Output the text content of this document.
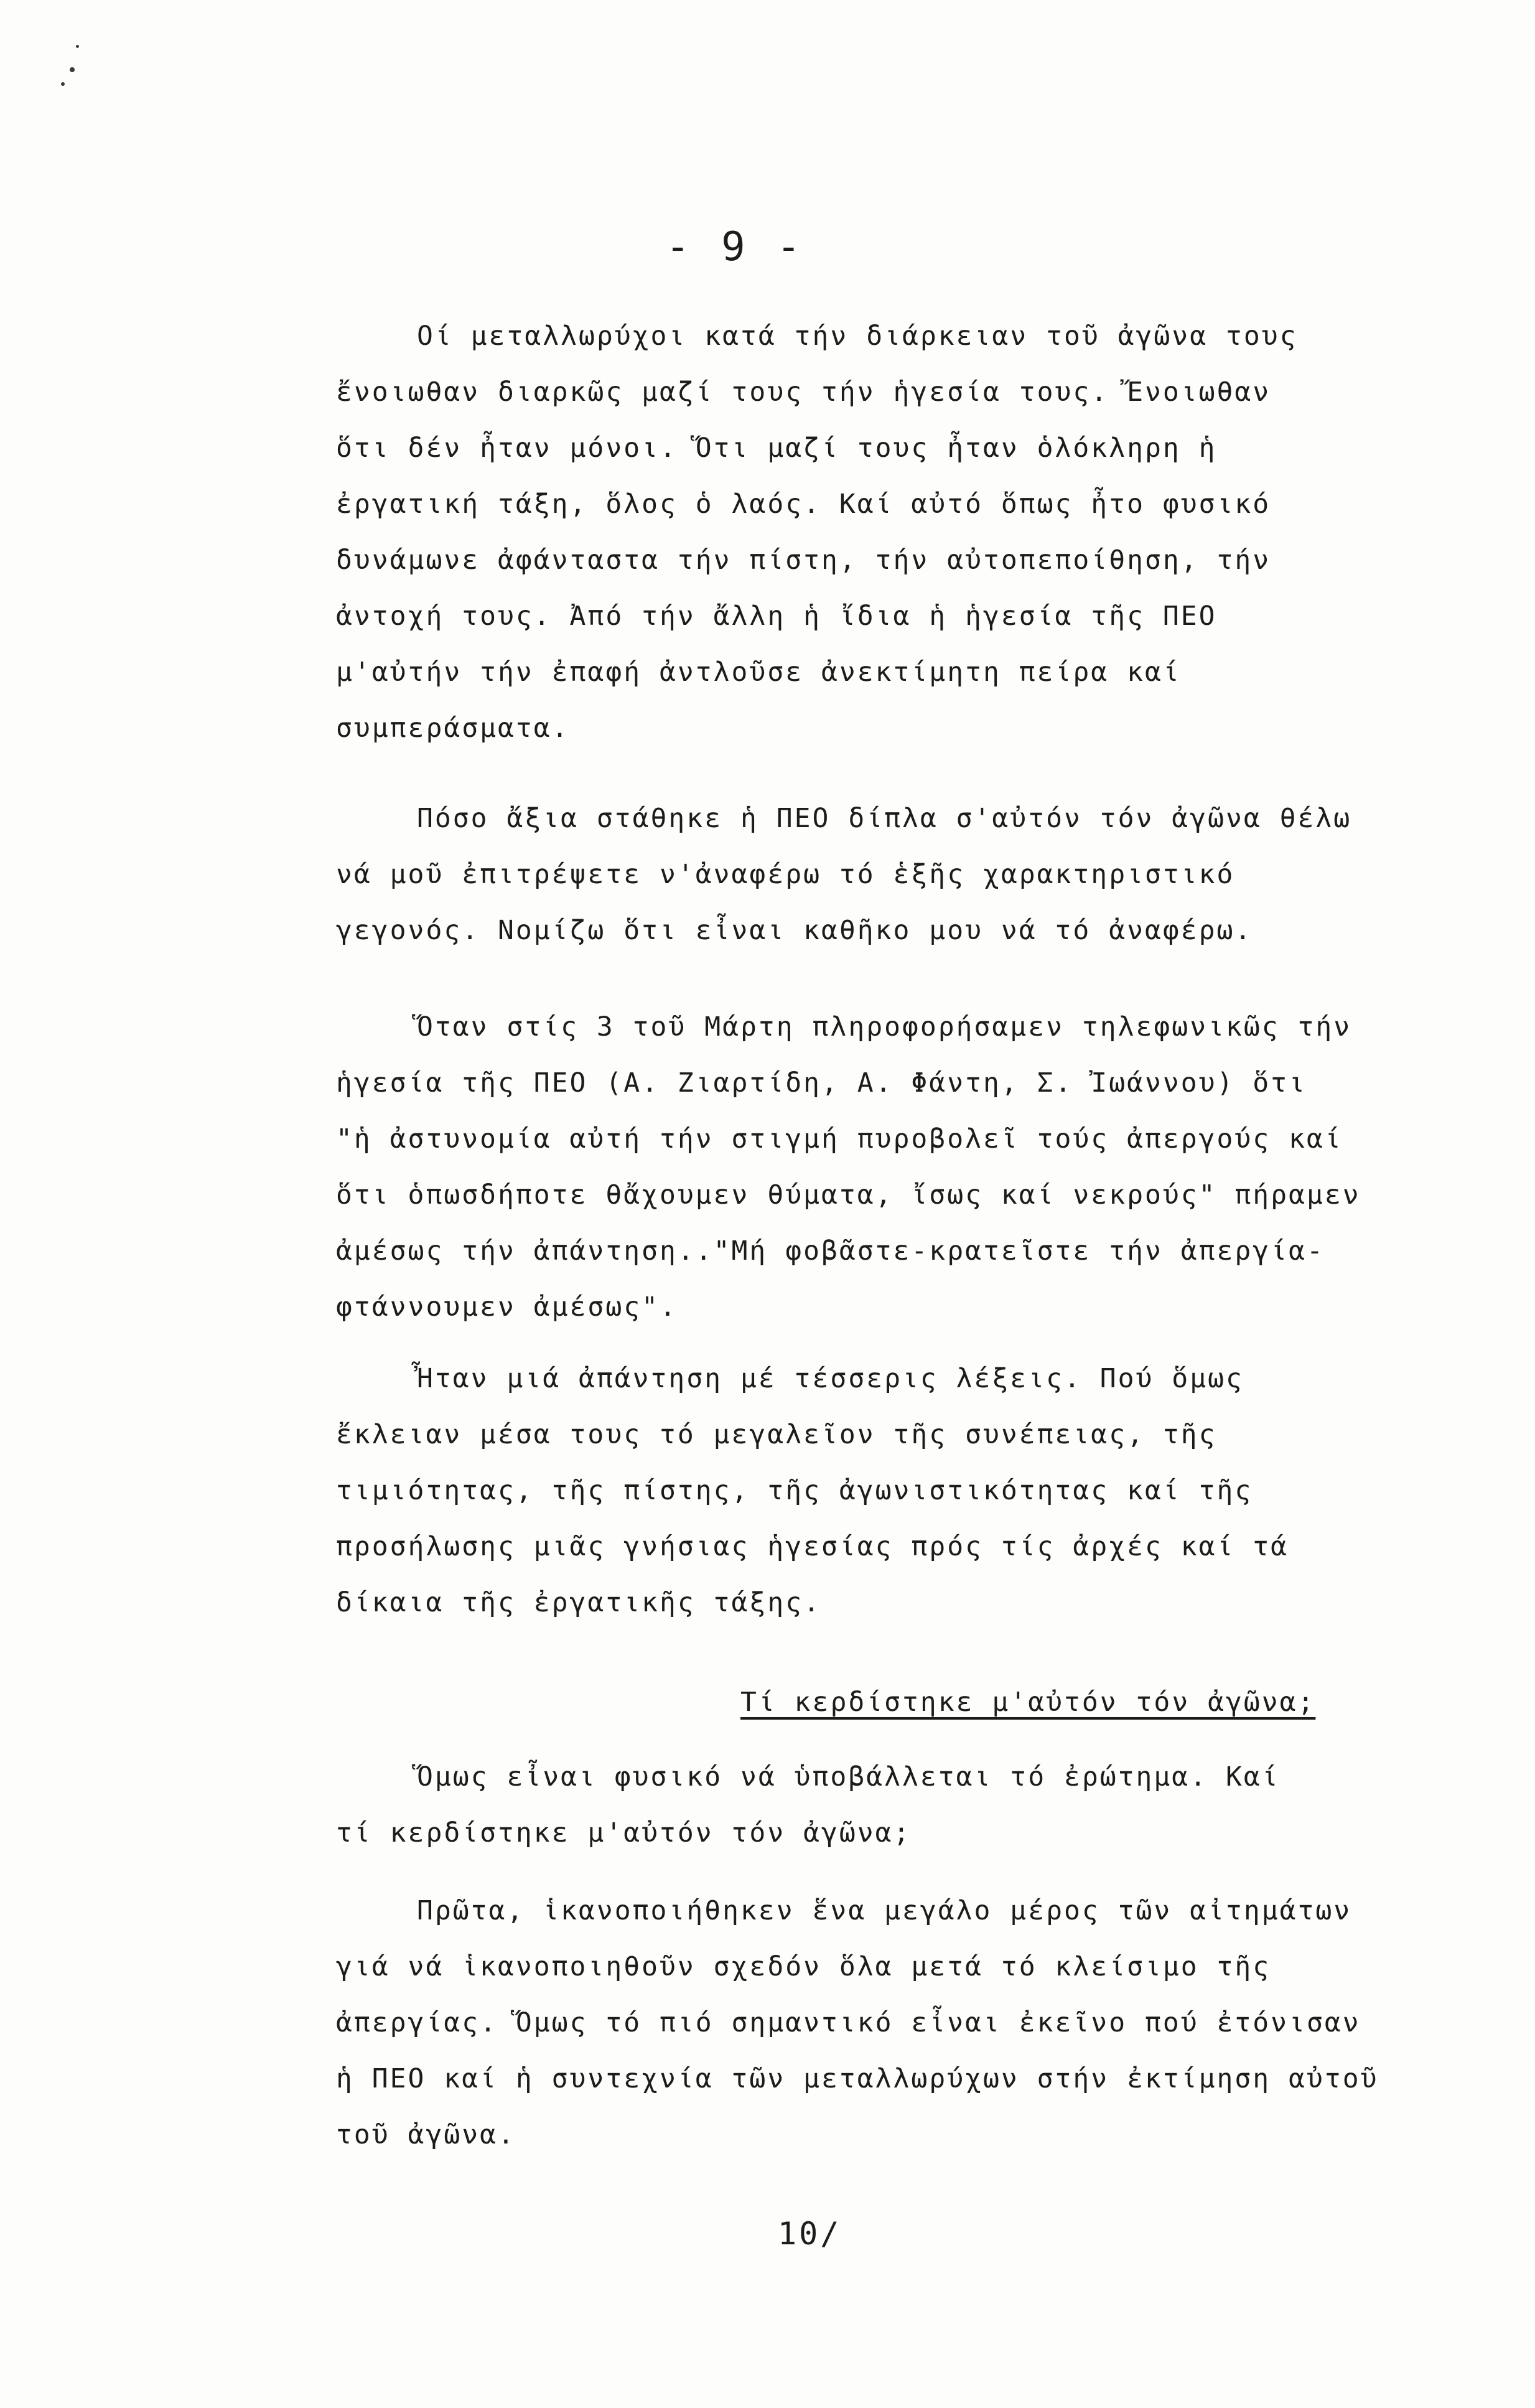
- 9 -
Οί μεταλλωρύχοι κατά τήν διάρκειαν τοῦ ἀγῶνα τους
ἔνοιωθαν διαρκῶς μαζί τους τήν ἡγεσία τους. Ἔνοιωθαν
ὅτι δέν ἦταν μόνοι. Ὅτι μαζί τους ἦταν ὁλόκληρη ἡ
ἐργατική τάξη, ὅλος ὁ λαός. Καί αὐτό ὅπως ἦτο φυσικό
δυνάμωνε ἀφάνταστα τήν πίστη, τήν αὐτοπεποίθηση, τήν
ἀντοχή τους. Ἀπό τήν ἄλλη ἡ ἴδια ἡ ἡγεσία τῆς ΠΕΟ
μ'αὐτήν τήν ἐπαφή ἀντλοῦσε ἀνεκτίμητη πείρα καί
συμπεράσματα.
Πόσο ἄξια στάθηκε ἡ ΠΕΟ δίπλα σ'αὐτόν τόν ἀγῶνα θέλω
νά μοῦ ἐπιτρέψετε ν'ἀναφέρω τό ἑξῆς χαρακτηριστικό
γεγονός. Νομίζω ὅτι εἶναι καθῆκο μου νά τό ἀναφέρω.
Ὅταν στίς 3 τοῦ Μάρτη πληροφορήσαμεν τηλεφωνικῶς τήν
ἡγεσία τῆς ΠΕΟ (Α. Ζιαρτίδη, Α. Φάντη, Σ. Ἰωάννου) ὅτι
"ἡ ἀστυνομία αὐτή τήν στιγμή πυροβολεῖ τούς ἀπεργούς καί
ὅτι ὁπωσδήποτε θἄχουμεν θύματα, ἴσως καί νεκρούς" πήραμεν
ἀμέσως τήν ἀπάντηση.."Μή φοβᾶστε-κρατεῖστε τήν ἀπεργία-
φτάννουμεν ἀμέσως".
Ἦταν μιά ἀπάντηση μέ τέσσερις λέξεις. Πού ὅμως
ἔκλειαν μέσα τους τό μεγαλεῖον τῆς συνέπειας, τῆς
τιμιότητας, τῆς πίστης, τῆς ἀγωνιστικότητας καί τῆς
προσήλωσης μιᾶς γνήσιας ἡγεσίας πρός τίς ἀρχές καί τά
δίκαια τῆς ἐργατικῆς τάξης.
Τί κερδίστηκε μ'αὐτόν τόν ἀγῶνα;
Ὅμως εἶναι φυσικό νά ὑποβάλλεται τό ἐρώτημα. Καί
τί κερδίστηκε μ'αὐτόν τόν ἀγῶνα;
Πρῶτα, ἱκανοποιήθηκεν ἕνα μεγάλο μέρος τῶν αἰτημάτων
γιά νά ἱκανοποιηθοῦν σχεδόν ὅλα μετά τό κλείσιμο τῆς
ἀπεργίας. Ὅμως τό πιό σημαντικό εἶναι ἐκεῖνο πού ἐτόνισαν
ἡ ΠΕΟ καί ἡ συντεχνία τῶν μεταλλωρύχων στήν ἐκτίμηση αὐτοῦ
τοῦ ἀγῶνα.
10/
